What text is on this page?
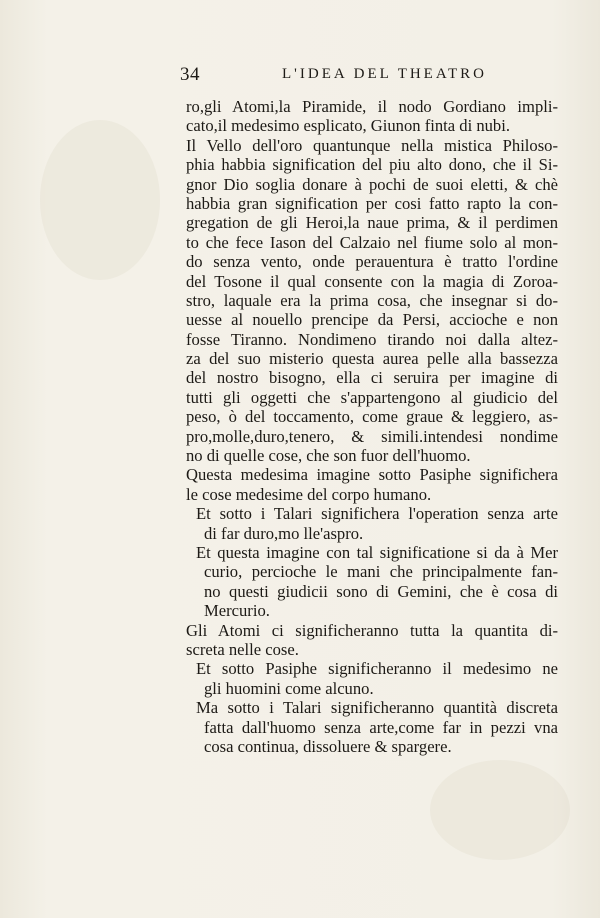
34	L'IDEA DEL THEATRO
ro,gli Atomi,la Piramide, il nodo Gordiano impli-
cato,il medesimo esplicato, Giunon finta di nubi.
Il Vello dell'oro quantunque nella mistica Philoso-
phia habbia signification del piu alto dono, che il Si-
gnor Dio soglia donare à pochi de suoi eletti, & chè
habbia gran signification per cosi fatto rapto la con-
gregation de gli Heroi,la naue prima, & il perdimen
to che fece Iason del Calzaio nel fiume solo al mon-
do senza vento, onde perauentura è tratto l'ordine
del Tosone il qual consente con la magia di Zoroa-
stro, laquale era la prima cosa, che insegnar si do-
uesse al nouello prencipe da Persi, accioche e non
fosse Tiranno. Nondimeno tirando noi dalla altez-
za del suo misterio questa aurea pelle alla bassezza
del nostro bisogno, ella ci seruira per imagine di
tutti gli oggetti che s'appartengono al giudicio del
peso, ò del toccamento, come graue & leggiero, as-
pro,molle,duro,tenero, & simili.intendesi nondime
no di quelle cose, che son fuor dell'huomo.
Questa medesima imagine sotto Pasiphe significhera
le cose medesime del corpo humano.
Et sotto i Talari significhera l'operation senza arte
di far duro,mo lle'aspro.
Et questa imagine con tal significatione si da à Mer
curio, percioche le mani che principalmente fan-
no questi giudicii sono di Gemini, che è cosa di
Mercurio.
Gli Atomi ci significheranno tutta la quantita di-
screta nelle cose.
Et sotto Pasiphe significheranno il medesimo ne
gli huomini come alcuno.
Ma sotto i Talari significheranno quantità discreta
fatta dall'huomo senza arte,come far in pezzi vna
cosa continua, dissoluere & spargere.
